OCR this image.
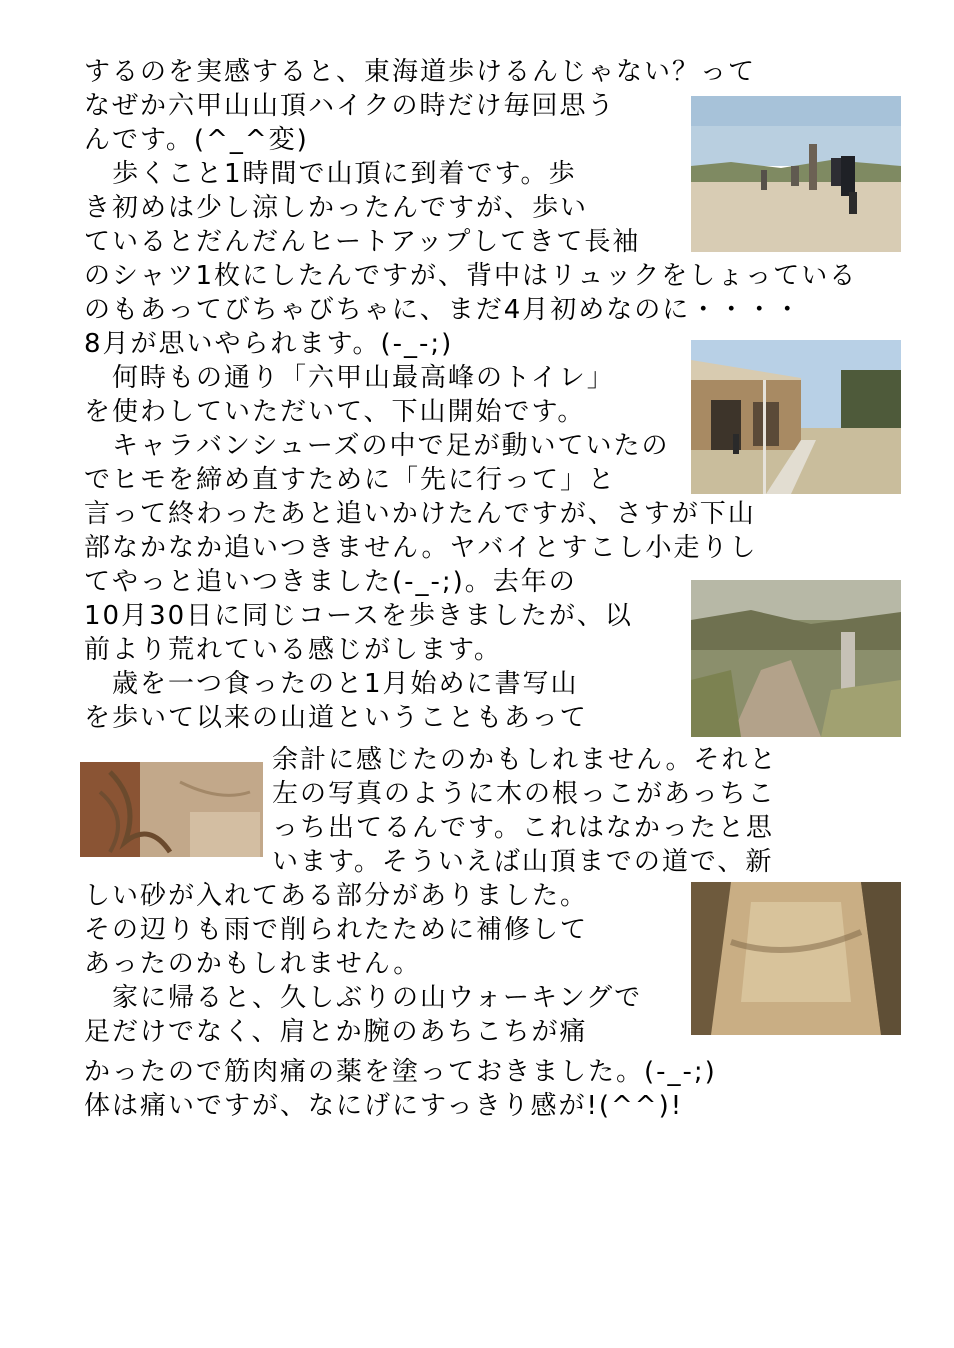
するのを実感すると、東海道歩けるんじゃない？って
なぜか六甲山山頂ハイクの時だけ毎回思う
んです。(^_^変)
　歩くこと1時間で山頂に到着です。歩
き初めは少し涼しかったんですが、歩い
ているとだんだんヒートアップしてきて長袖
のシャツ1枚にしたんですが、背中はリュックをしょっている
のもあってびちゃびちゃに、まだ4月初めなのに・・・・
8月が思いやられます。(-_-;)
　何時もの通り「六甲山最高峰のトイレ」
を使わしていただいて、下山開始です。
　キャラバンシューズの中で足が動いていたの
でヒモを締め直すために「先に行って」と
言って終わったあと追いかけたんですが、さすが下山
部なかなか追いつきません。ヤバイとすこし小走りし
てやっと追いつきました(-_-;)。去年の
10月30日に同じコースを歩きましたが、以
前より荒れている感じがします。
　歳を一つ食ったのと1月始めに書写山
を歩いて以来の山道ということもあって
余計に感じたのかもしれません。それと
左の写真のように木の根っこがあっちこ
っち出てるんです。これはなかったと思
います。そういえば山頂までの道で、新
しい砂が入れてある部分がありました。
その辺りも雨で削られたために補修して
あったのかもしれません。
　家に帰ると、久しぶりの山ウォーキングで
足だけでなく、肩とか腕のあちこちが痛
かったので筋肉痛の薬を塗っておきました。(-_-;)
体は痛いですが、なにげにすっきり感が!(^^)!
